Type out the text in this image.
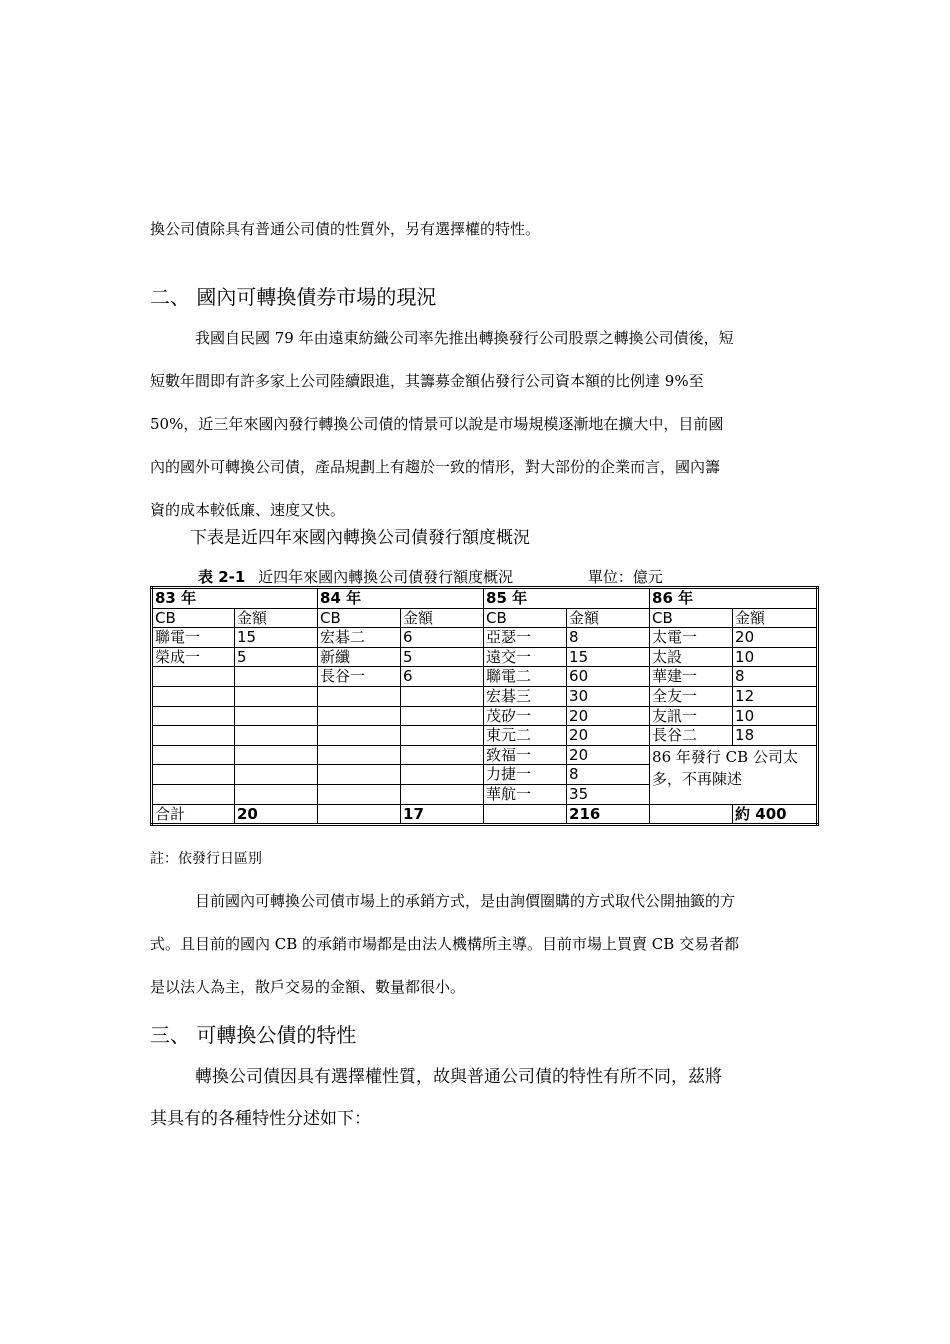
換公司債除具有普通公司債的性質外，另有選擇權的特性。
二、 國內可轉換債券市場的現況
我國自民國 79 年由遠東紡織公司率先推出轉換發行公司股票之轉換公司債後，短
短數年間即有許多家上公司陸續跟進，其籌募金額佔發行公司資本額的比例達 9%至
50%，近三年來國內發行轉換公司債的情景可以說是市場規模逐漸地在擴大中，目前國
內的國外可轉換公司債，產品規劃上有趨於一致的情形，對大部份的企業而言，國內籌
資的成本較低廉、速度又快。
下表是近四年來國內轉換公司債發行額度概況
表 2-1 近四年來國內轉換公司債發行額度概況	單位：億元
83 年		84 年		85 年		86 年	
CB	金額	CB	金額	CB	金額	CB	金額
聯電一	15	宏碁二	6	亞瑟一	8	太電一	20
榮成一	5	新纖	5	遠交一	15	太設	10
		長谷一	6	聯電二	60	華建一	8
				宏碁三	30	全友一	12
				茂矽一	20	友訊一	10
				東元二	20	長谷二	18
				致福一	20	86 年發行 CB 公司太多，不再陳述	
				力捷一	8		
				華航一	35		
合計	20		17		216		約 400
註：依發行日區別
目前國內可轉換公司債市場上的承銷方式，是由詢價圈購的方式取代公開抽籤的方
式。且目前的國內 CB 的承銷市場都是由法人機構所主導。目前市場上買賣 CB 交易者都
是以法人為主，散戶交易的金額、數量都很小。
三、 可轉換公債的特性
轉換公司債因具有選擇權性質，故與普通公司債的特性有所不同，茲將
其具有的各種特性分述如下：
